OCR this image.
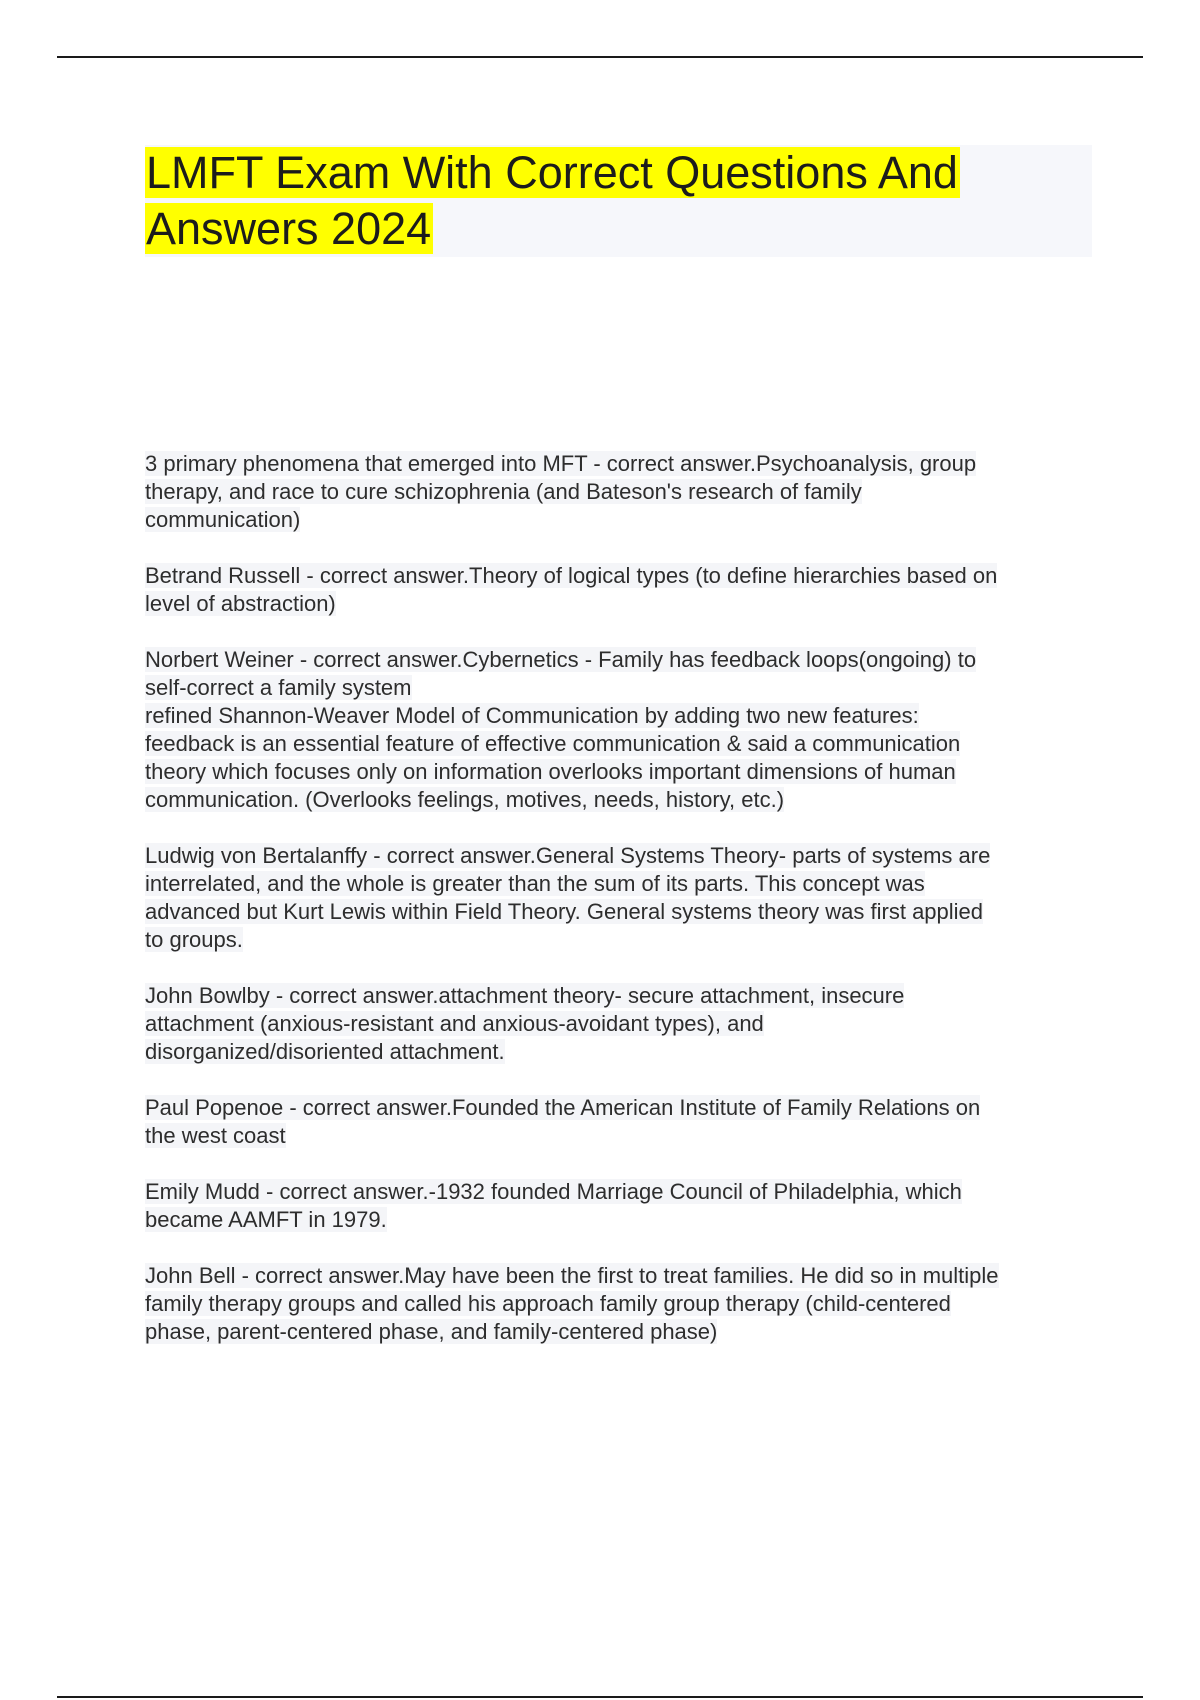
LMFT Exam With Correct Questions And
Answers 2024

3 primary phenomena that emerged into MFT - correct answer.Psychoanalysis, group
therapy, and race to cure schizophrenia (and Bateson's research of family
communication)

Betrand Russell - correct answer.Theory of logical types (to define hierarchies based on
level of abstraction)

Norbert Weiner - correct answer.Cybernetics - Family has feedback loops(ongoing) to
self-correct a family system
refined Shannon-Weaver Model of Communication by adding two new features:
feedback is an essential feature of effective communication & said a communication
theory which focuses only on information overlooks important dimensions of human
communication. (Overlooks feelings, motives, needs, history, etc.)

Ludwig von Bertalanffy - correct answer.General Systems Theory- parts of systems are
interrelated, and the whole is greater than the sum of its parts. This concept was
advanced but Kurt Lewis within Field Theory. General systems theory was first applied
to groups.

John Bowlby - correct answer.attachment theory- secure attachment, insecure
attachment (anxious-resistant and anxious-avoidant types), and
disorganized/disoriented attachment.

Paul Popenoe - correct answer.Founded the American Institute of Family Relations on
the west coast

Emily Mudd - correct answer.-1932 founded Marriage Council of Philadelphia, which
became AAMFT in 1979.

John Bell - correct answer.May have been the first to treat families. He did so in multiple
family therapy groups and called his approach family group therapy (child-centered
phase, parent-centered phase, and family-centered phase)
